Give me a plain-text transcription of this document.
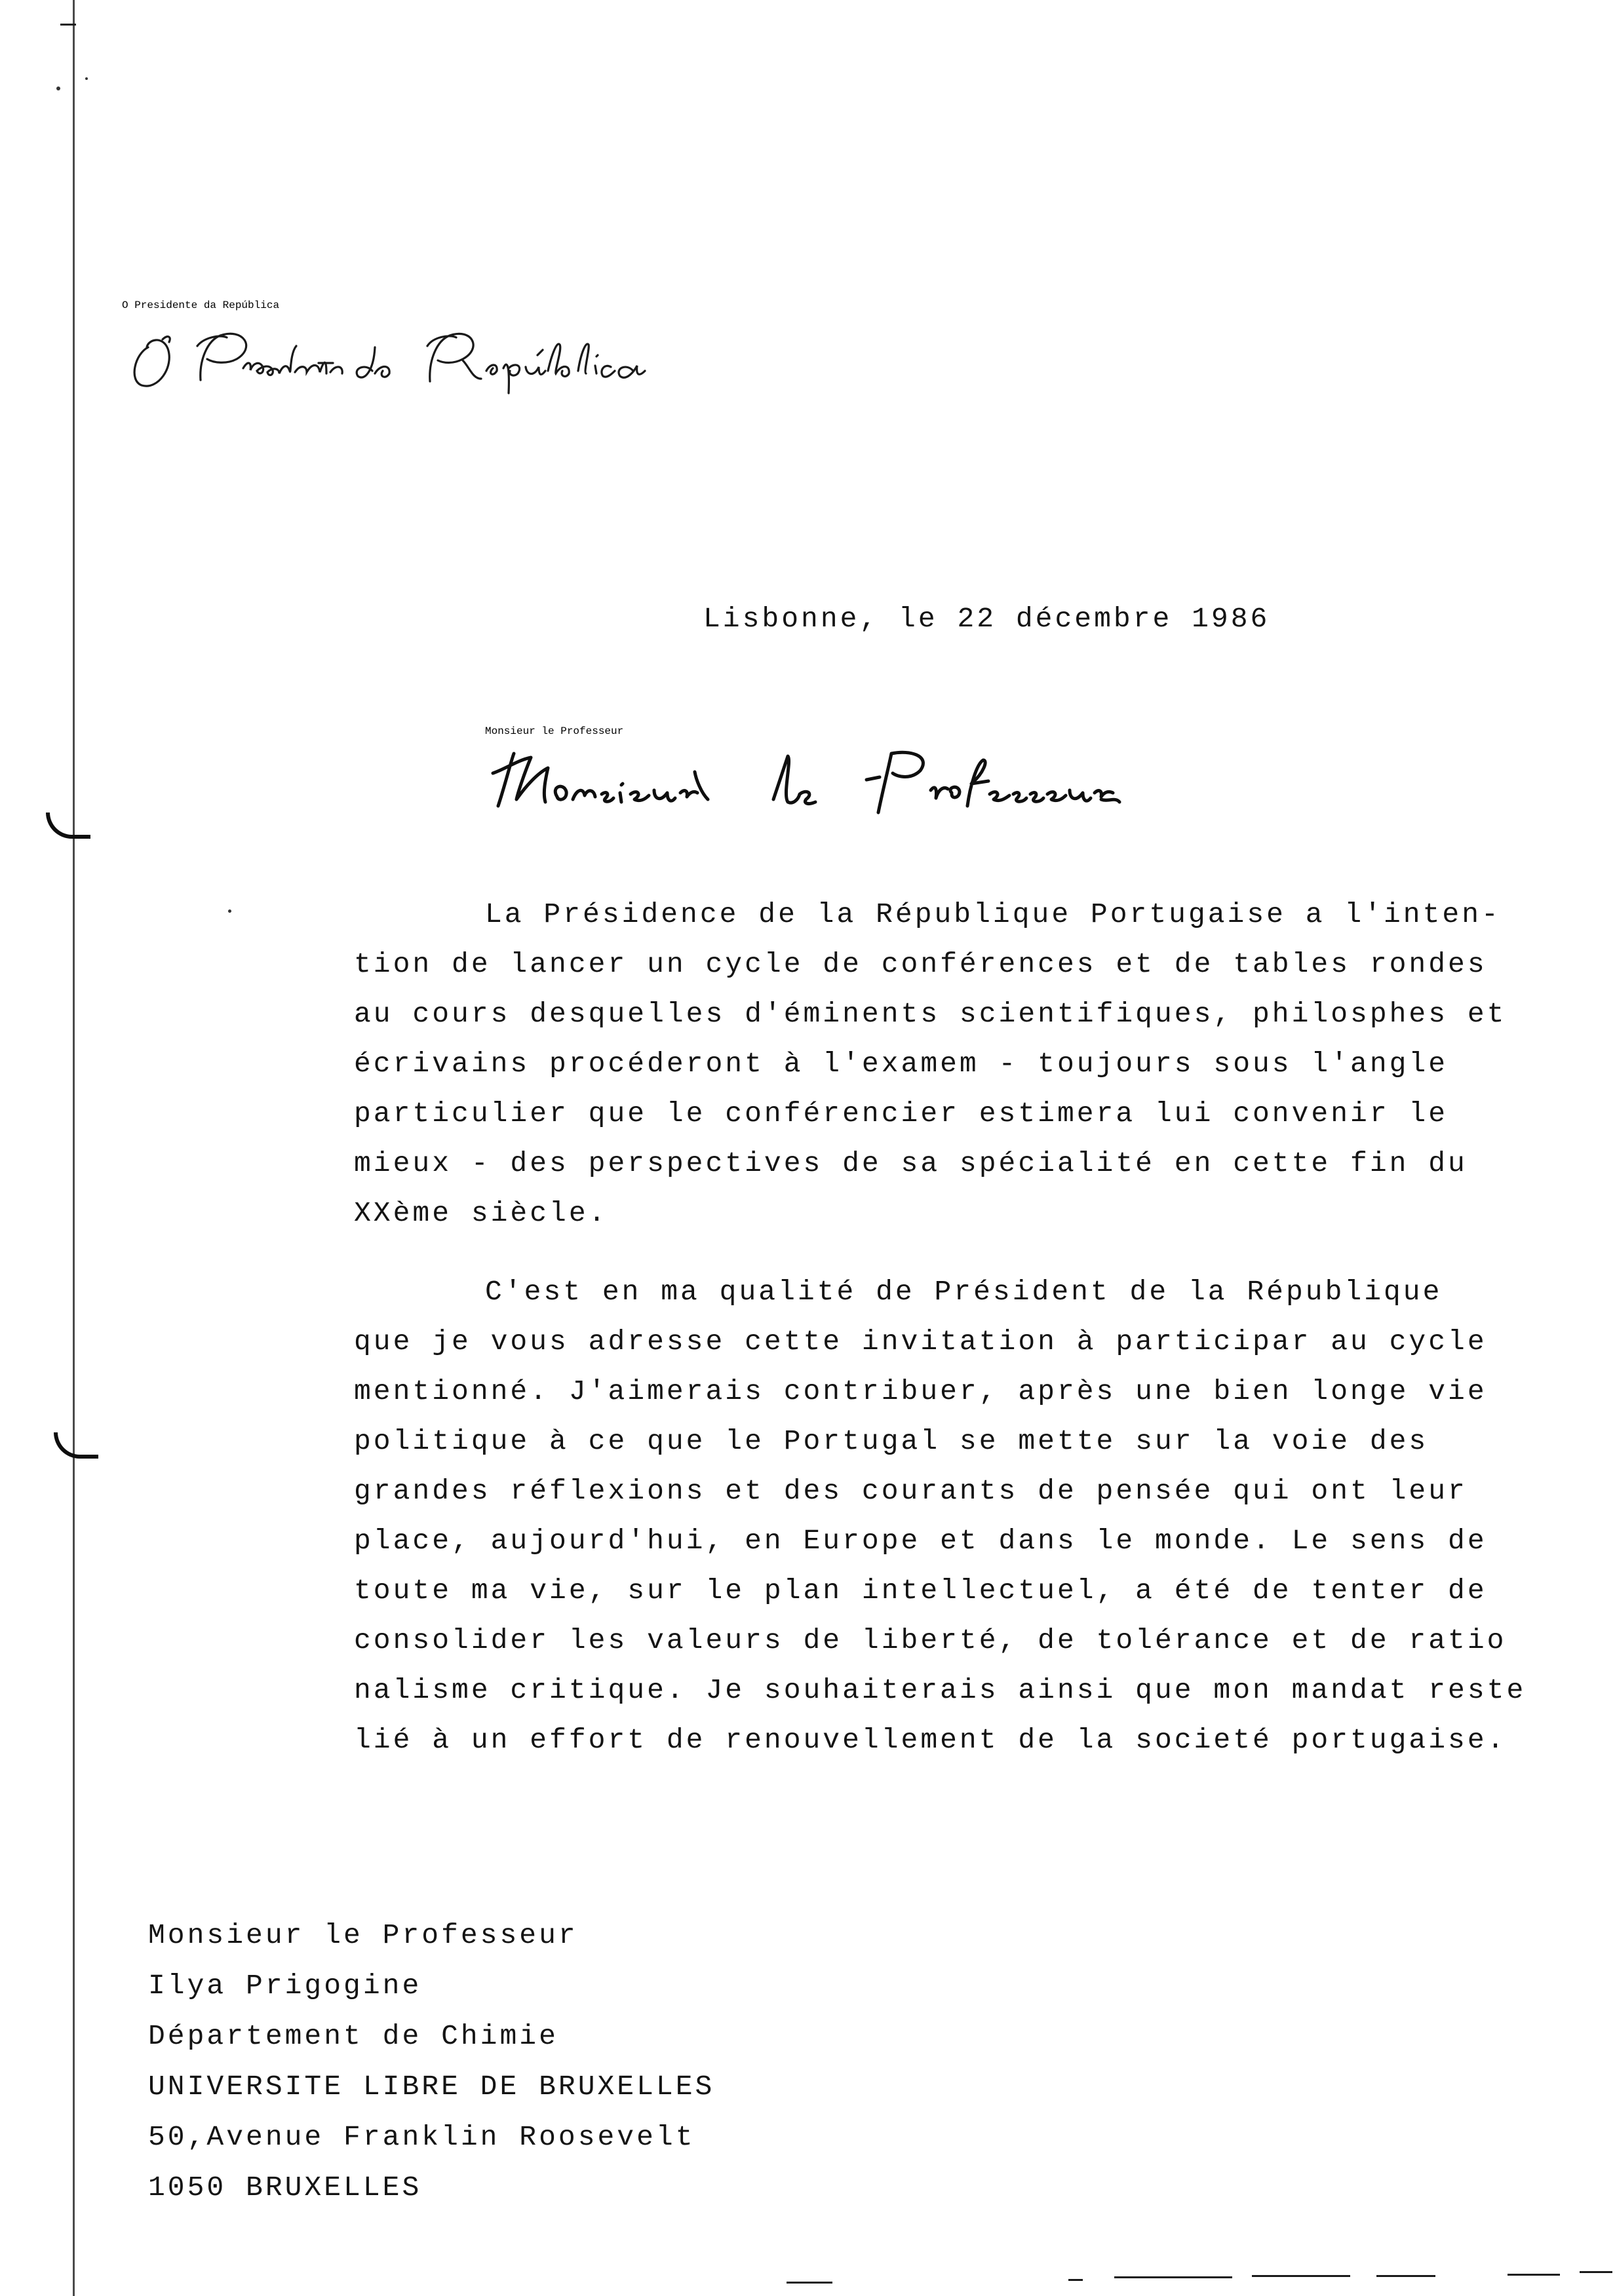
O Presidente da República
Lisbonne, le 22 décembre 1986
Monsieur le Professeur
La Présidence de la République Portugaise a l'inten-
tion de lancer un cycle de conférences et de tables rondes
au cours desquelles d'éminents scientifiques, philosphes et
écrivains procéderont à l'examem - toujours sous l'angle
particulier que le conférencier estimera lui convenir le
mieux - des perspectives de sa spécialité en cette fin du
XXème siècle.
C'est en ma qualité de Président de la République
que je vous adresse cette invitation à participar au cycle
mentionné. J'aimerais contribuer, après une bien longe vie
politique à ce que le Portugal se mette sur la voie des
grandes réflexions et des courants de pensée qui ont leur
place, aujourd'hui, en Europe et dans le monde. Le sens de
toute ma vie, sur le plan intellectuel, a été de tenter de
consolider les valeurs de liberté, de tolérance et de ratio
nalisme critique. Je souhaiterais ainsi que mon mandat reste
lié à un effort de renouvellement de la societé portugaise.
Monsieur le Professeur
Ilya Prigogine
Département de Chimie
UNIVERSITE LIBRE DE BRUXELLES
50,Avenue Franklin Roosevelt
1050 BRUXELLES
